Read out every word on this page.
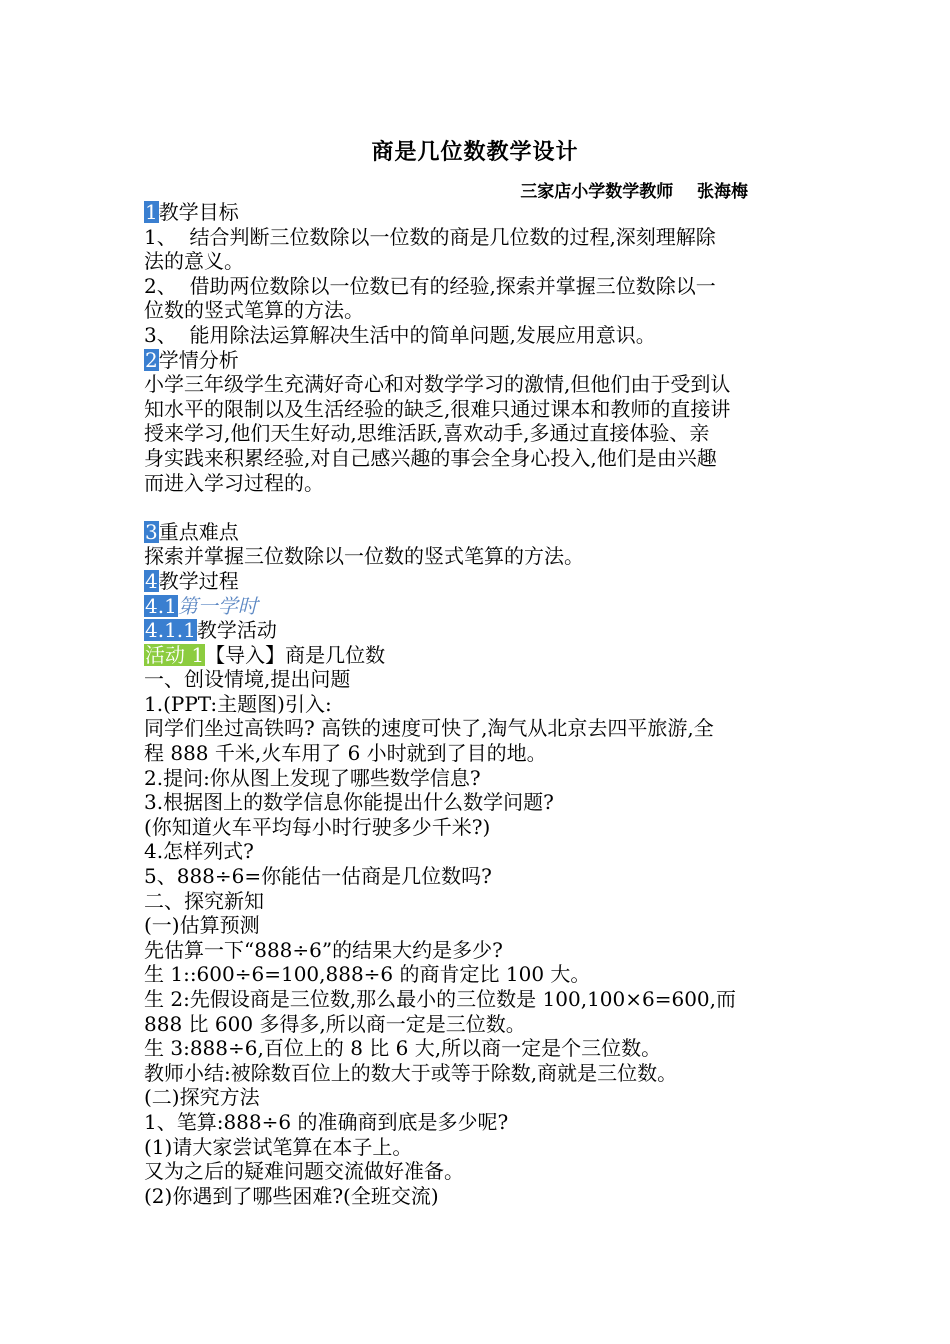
商是几位数教学设计
三家店小学数学教师    张海梅
1教学目标
1、  结合判断三位数除以一位数的商是几位数的过程,深刻理解除
法的意义。
2、  借助两位数除以一位数已有的经验,探索并掌握三位数除以一
位数的竖式笔算的方法。
3、  能用除法运算解决生活中的简单问题,发展应用意识。
2学情分析
小学三年级学生充满好奇心和对数学学习的激情,但他们由于受到认
知水平的限制以及生活经验的缺乏,很难只通过课本和教师的直接讲
授来学习,他们天生好动,思维活跃,喜欢动手,多通过直接体验、亲
身实践来积累经验,对自己感兴趣的事会全身心投入,他们是由兴趣
而进入学习过程的。
3重点难点
探索并掌握三位数除以一位数的竖式笔算的方法。
4教学过程
4.1第一学时
4.1.1教学活动
活动 1【导入】商是几位数
一、创设情境,提出问题
1.(PPT:主题图)引入:
同学们坐过高铁吗? 高铁的速度可快了,淘气从北京去四平旅游,全
程 888 千米,火车用了 6 小时就到了目的地。
2.提问:你从图上发现了哪些数学信息?
3.根据图上的数学信息你能提出什么数学问题?
(你知道火车平均每小时行驶多少千米?)
4.怎样列式?
5、888÷6=你能估一估商是几位数吗?
二、探究新知
(一)估算预测
先估算一下“888÷6”的结果大约是多少?
生 1::600÷6=100,888÷6 的商肯定比 100 大。
生 2:先假设商是三位数,那么最小的三位数是 100,100×6=600,而
888 比 600 多得多,所以商一定是三位数。
生 3:888÷6,百位上的 8 比 6 大,所以商一定是个三位数。
教师小结:被除数百位上的数大于或等于除数,商就是三位数。
(二)探究方法
1、笔算:888÷6 的准确商到底是多少呢?
(1)请大家尝试笔算在本子上。
又为之后的疑难问题交流做好准备。
(2)你遇到了哪些困难?(全班交流)
